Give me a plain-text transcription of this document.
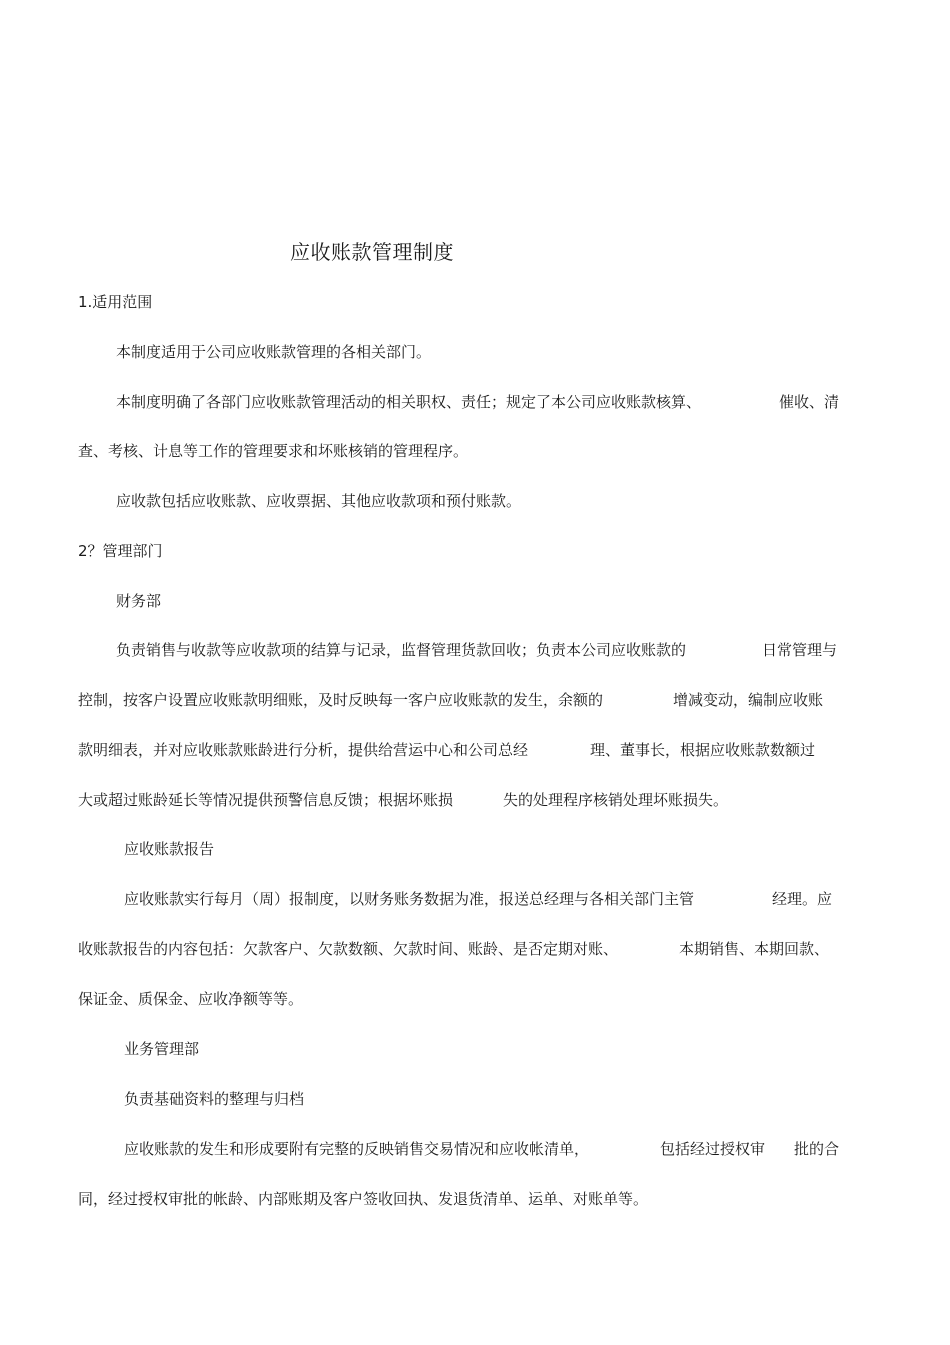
应收账款管理制度
1.适用范围
本制度适用于公司应收账款管理的各相关部门。
本制度明确了各部门应收账款管理活动的相关职权、责任；规定了本公司应收账款核算、	催收、清
查、考核、计息等工作的管理要求和坏账核销的管理程序。
应收款包括应收账款、应收票据、其他应收款项和预付账款。
2？管理部门
财务部
负责销售与收款等应收款项的结算与记录，监督管理货款回收；负责本公司应收账款的	日常管理与
控制，按客户设置应收账款明细账，及时反映每一客户应收账款的发生，余额的	增减变动，编制应收账
款明细表，并对应收账款账龄进行分析，提供给营运中心和公司总经	理、董事长，根据应收账款数额过
大或超过账龄延长等情况提供预警信息反馈；根据坏账损	失的处理程序核销处理坏账损失。
应收账款报告
应收账款实行每月（周）报制度，以财务账务数据为准，报送总经理与各相关部门主管	经理。应
收账款报告的内容包括：欠款客户、欠款数额、欠款时间、账龄、是否定期对账、	本期销售、本期回款、
保证金、质保金、应收净额等等。
业务管理部
负责基础资料的整理与归档
应收账款的发生和形成要附有完整的反映销售交易情况和应收帐清单，	包括经过授权审 批的合
同，经过授权审批的帐龄、内部账期及客户签收回执、发退货清单、运单、对账单等。
